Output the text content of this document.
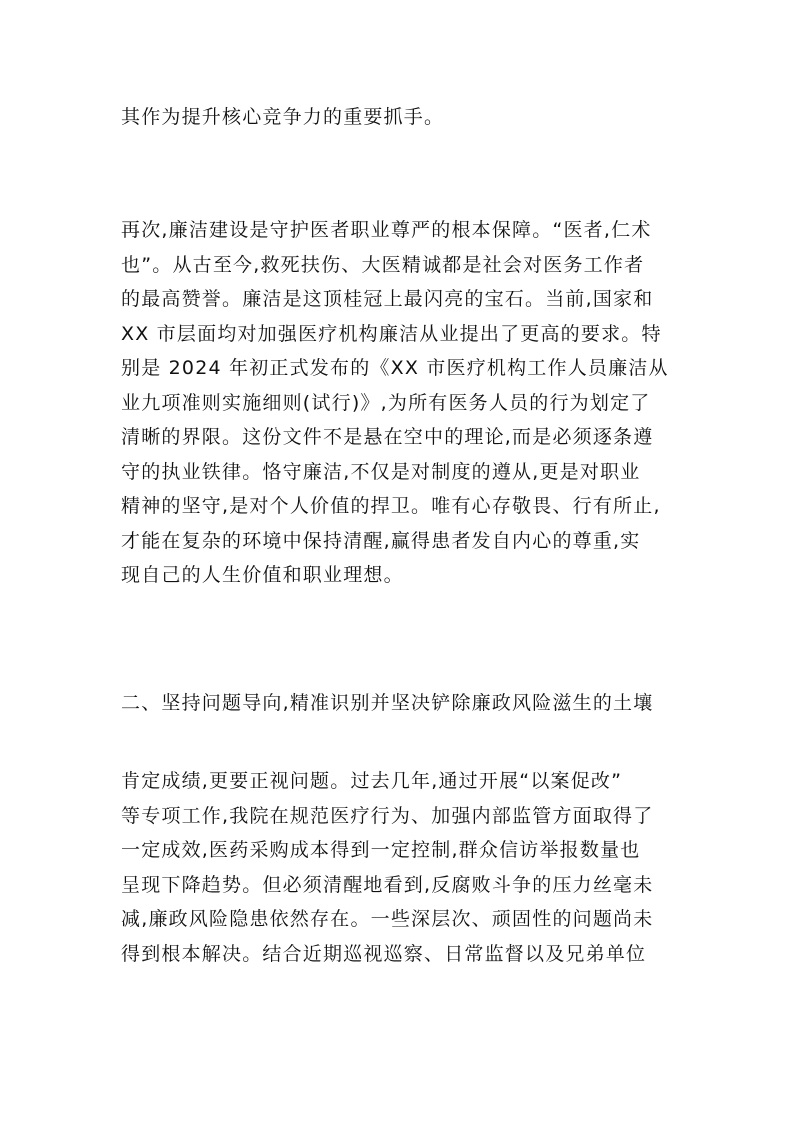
其作为提升核心竞争力的重要抓手。

再次,廉洁建设是守护医者职业尊严的根本保障。“医者,仁术
也”。从古至今,救死扶伤、大医精诚都是社会对医务工作者
的最高赞誉。廉洁是这顶桂冠上最闪亮的宝石。当前,国家和
XX 市层面均对加强医疗机构廉洁从业提出了更高的要求。特
别是 2024 年初正式发布的《XX 市医疗机构工作人员廉洁从
业九项准则实施细则(试行)》,为所有医务人员的行为划定了
清晰的界限。这份文件不是悬在空中的理论,而是必须逐条遵
守的执业铁律。恪守廉洁,不仅是对制度的遵从,更是对职业
精神的坚守,是对个人价值的捍卫。唯有心存敬畏、行有所止,
才能在复杂的环境中保持清醒,赢得患者发自内心的尊重,实
现自己的人生价值和职业理想。

二、坚持问题导向,精准识别并坚决铲除廉政风险滋生的土壤

肯定成绩,更要正视问题。过去几年,通过开展“以案促改”
等专项工作,我院在规范医疗行为、加强内部监管方面取得了
一定成效,医药采购成本得到一定控制,群众信访举报数量也
呈现下降趋势。但必须清醒地看到,反腐败斗争的压力丝毫未
减,廉政风险隐患依然存在。一些深层次、顽固性的问题尚未
得到根本解决。结合近期巡视巡察、日常监督以及兄弟单位
